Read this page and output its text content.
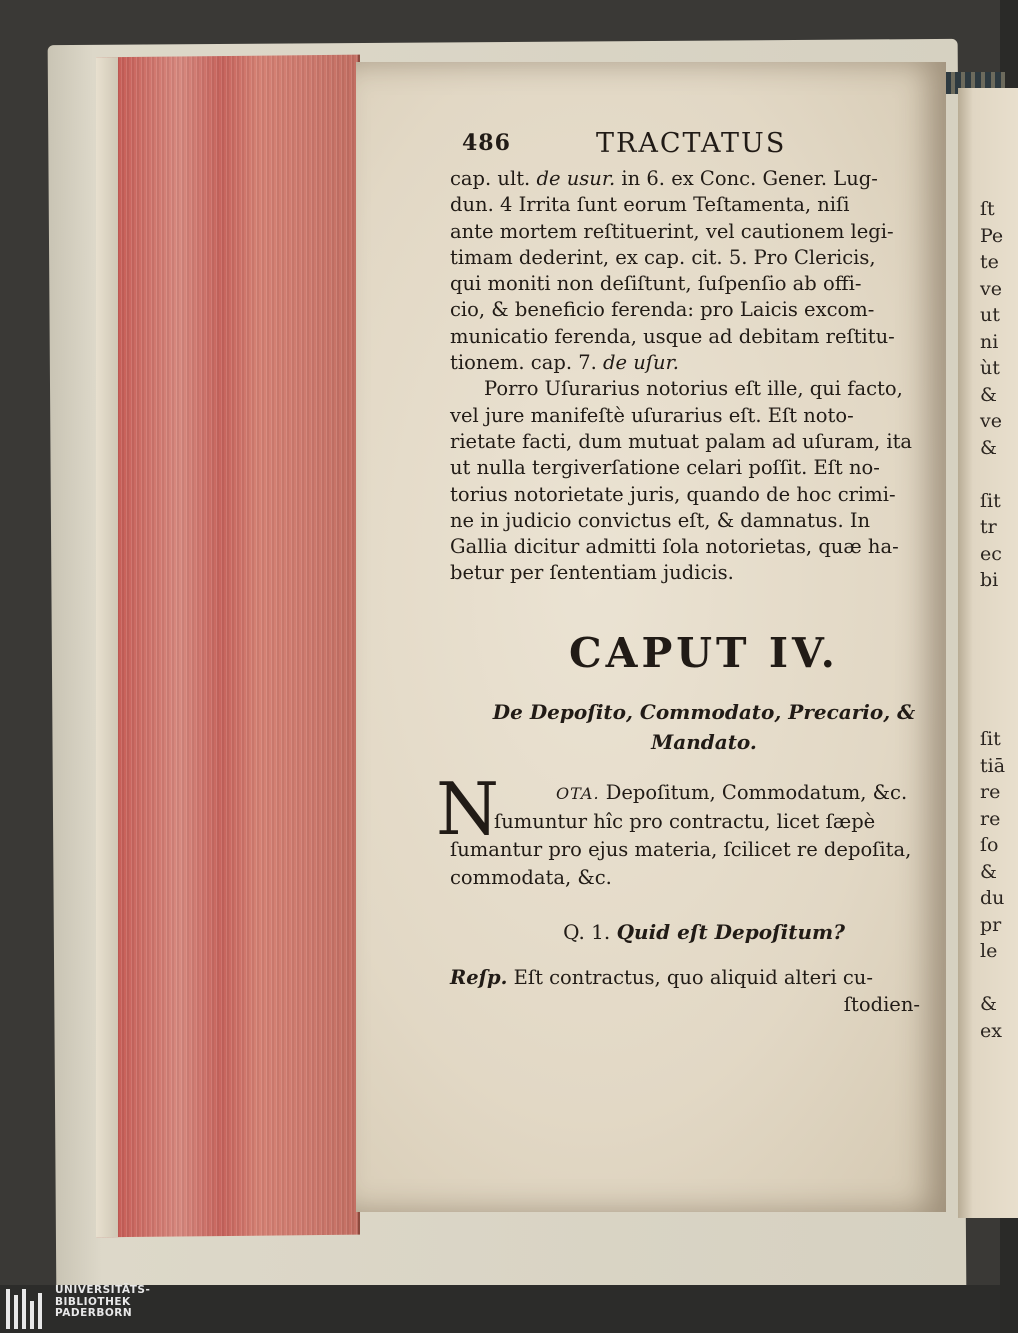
ſt
Pe
te
ve
ut
ni
ùt
&
ve
&

ſit
tr
ec
bi

ſit
tiā
re
re
ſo
&
du
pr
le

&
ex
486	TRACTATUS
cap. ult. de usur. in 6. ex Conc. Gener. Lug-
dun. 4 Irrita ſunt eorum Teſtamenta, niſi
ante mortem reſtituerint, vel cautionem legi-
timam dederint, ex cap. cit. 5. Pro Clericis,
qui moniti non deſiſtunt, ſuſpenſio ab offi-
cio, & beneficio ferenda: pro Laicis excom-
municatio ferenda, usque ad debitam reſtitu-
tionem. cap. 7. de uſur.
Porro Uſurarius notorius eſt ille, qui facto,
vel jure manifeſtè uſurarius eſt. Eſt noto-
rietate facti, dum mutuat palam ad uſuram, ita
ut nulla tergiverſatione celari poſſit. Eſt no-
torius notorietate juris, quando de hoc crimi-
ne in judicio convictus eſt, & damnatus. In
Gallia dicitur admitti ſola notorietas, quæ ha-
betur per ſententiam judicis.
CAPUT IV.
De Depoſito, Commodato, Precario, &
Mandato.
N	OTA. Depoſitum, Commodatum, &c.
ſumuntur hîc pro contractu, licet ſæpè
ſumantur pro ejus materia, ſcilicet re depoſita,
commodata, &c.
Q. 1. Quid eſt Depoſitum?
Reſp. Eſt contractus, quo aliquid alteri cu-
ſtodien-
UNIVERSITÄTS-
BIBLIOTHEK
PADERBORN
